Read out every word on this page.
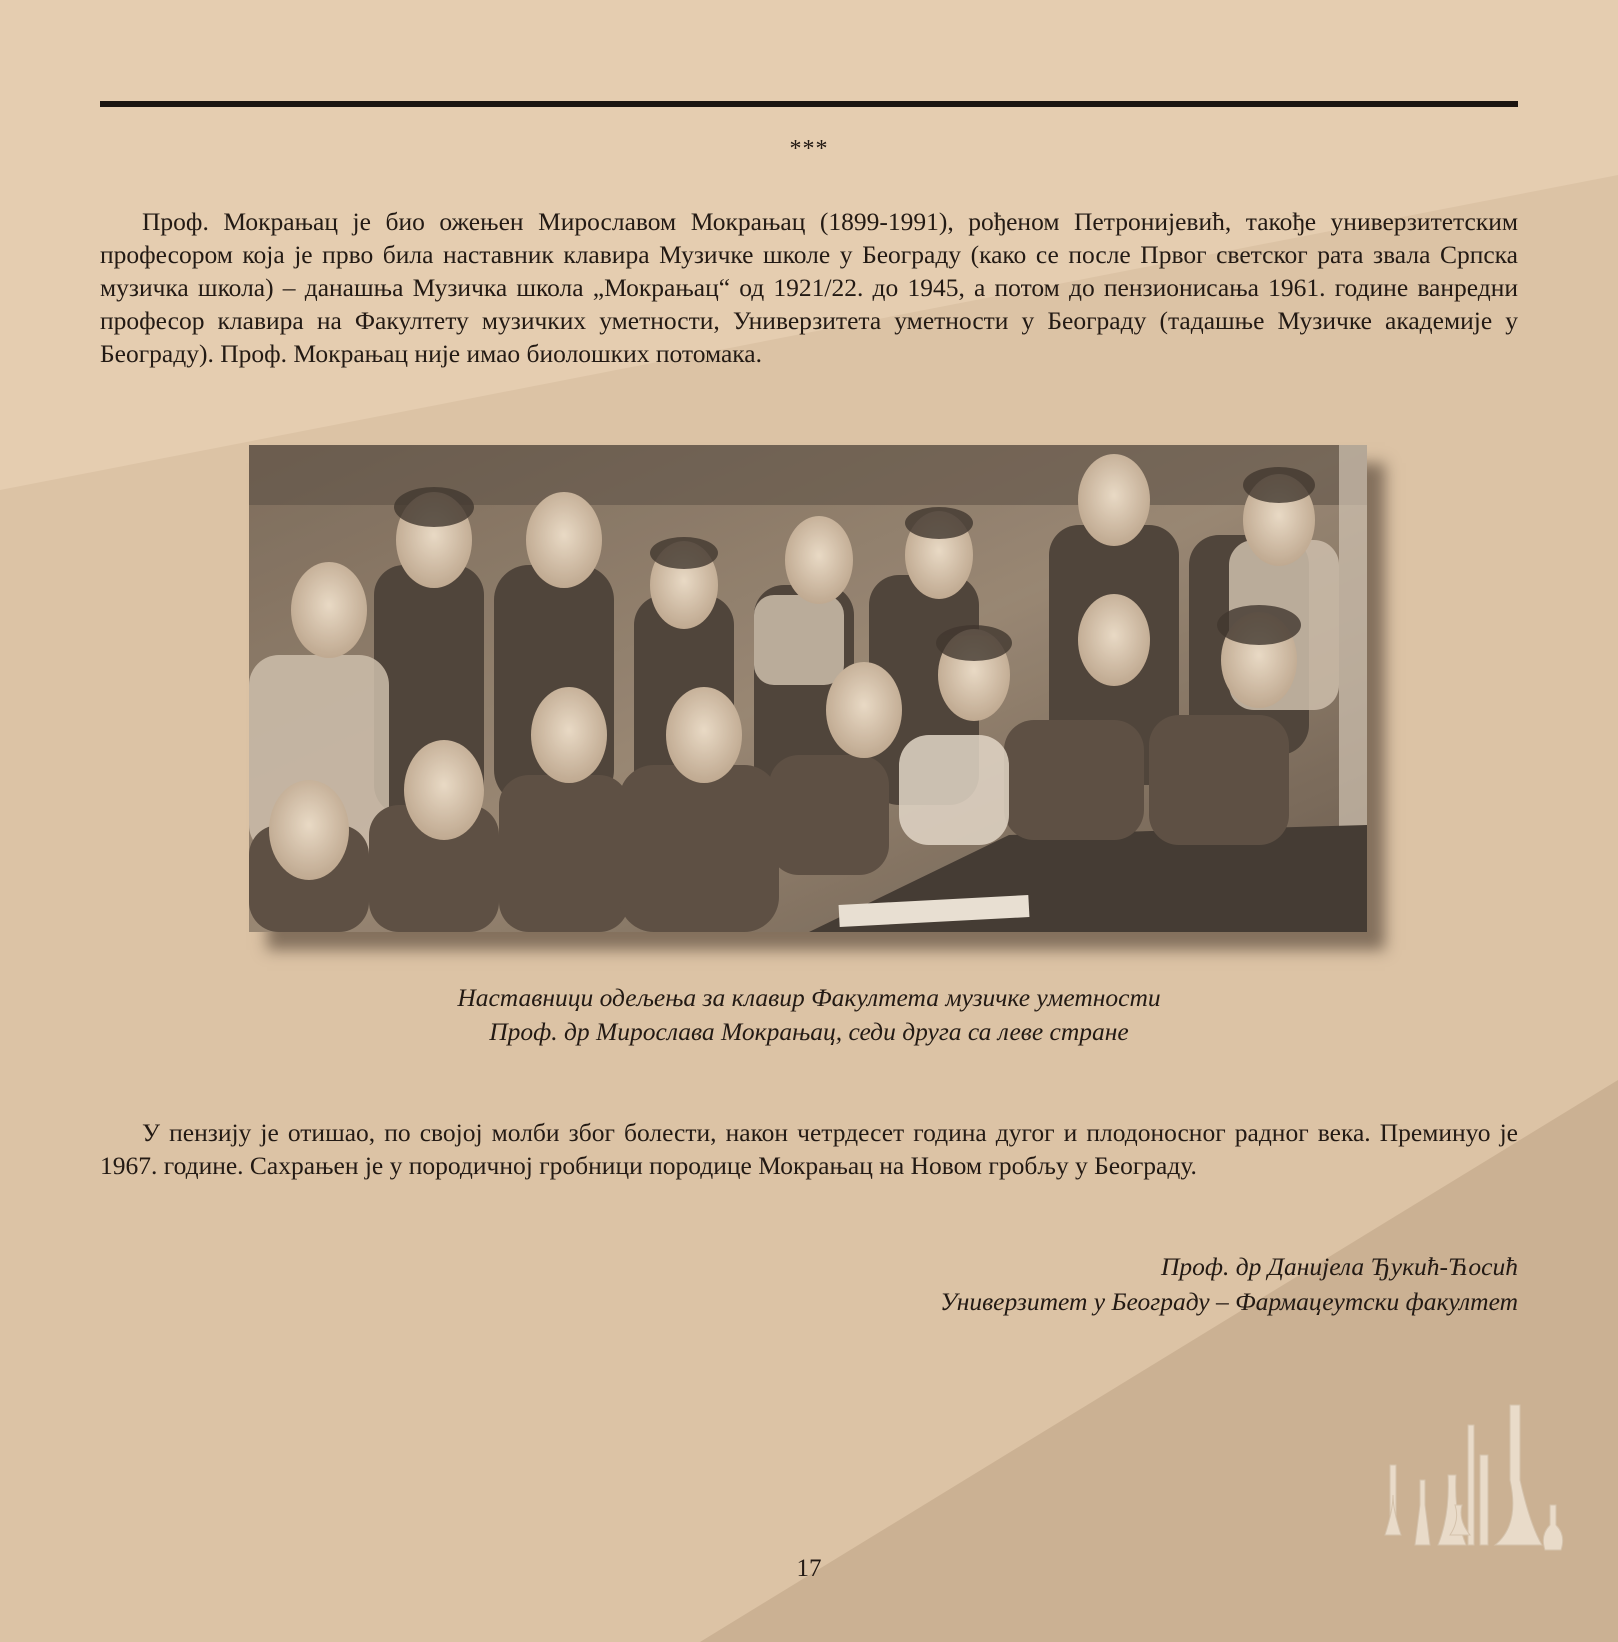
***

Проф. Мокрањац је био ожењен Мирославом Мокрањац (1899-1991), рођеном Петронијевић, такође универзитетским професором која је прво била наставник клавира Музичке школе у Београду (како се после Првог светског рата звала Српска музичка школа) – данашња Музичка школа „Мокрањац“ од 1921/22. до 1945, а потом до пензионисања 1961. године ванредни професор клавира на Факултету музичких уметности, Универзитета уметности у Београду (тадашње Музичке академије у Београду). Проф. Мокрањац није имао биолошких потомака.

Наставници одељења за клавир Факултета музичке уметности
Проф. др Мирослава Мокрањац, седи друга са леве стране

У пензију је отишао, по својој молби због болести, након четрдесет година дугог и плодоносног радног века. Преминуо је 1967. године. Сахрањен је у породичној гробници породице Мокрањац на Новом гробљу у Београду.

Проф. др Данијела Ђукић-Ћосић
Универзитет у Београду – Фармацеутски факултет
17
